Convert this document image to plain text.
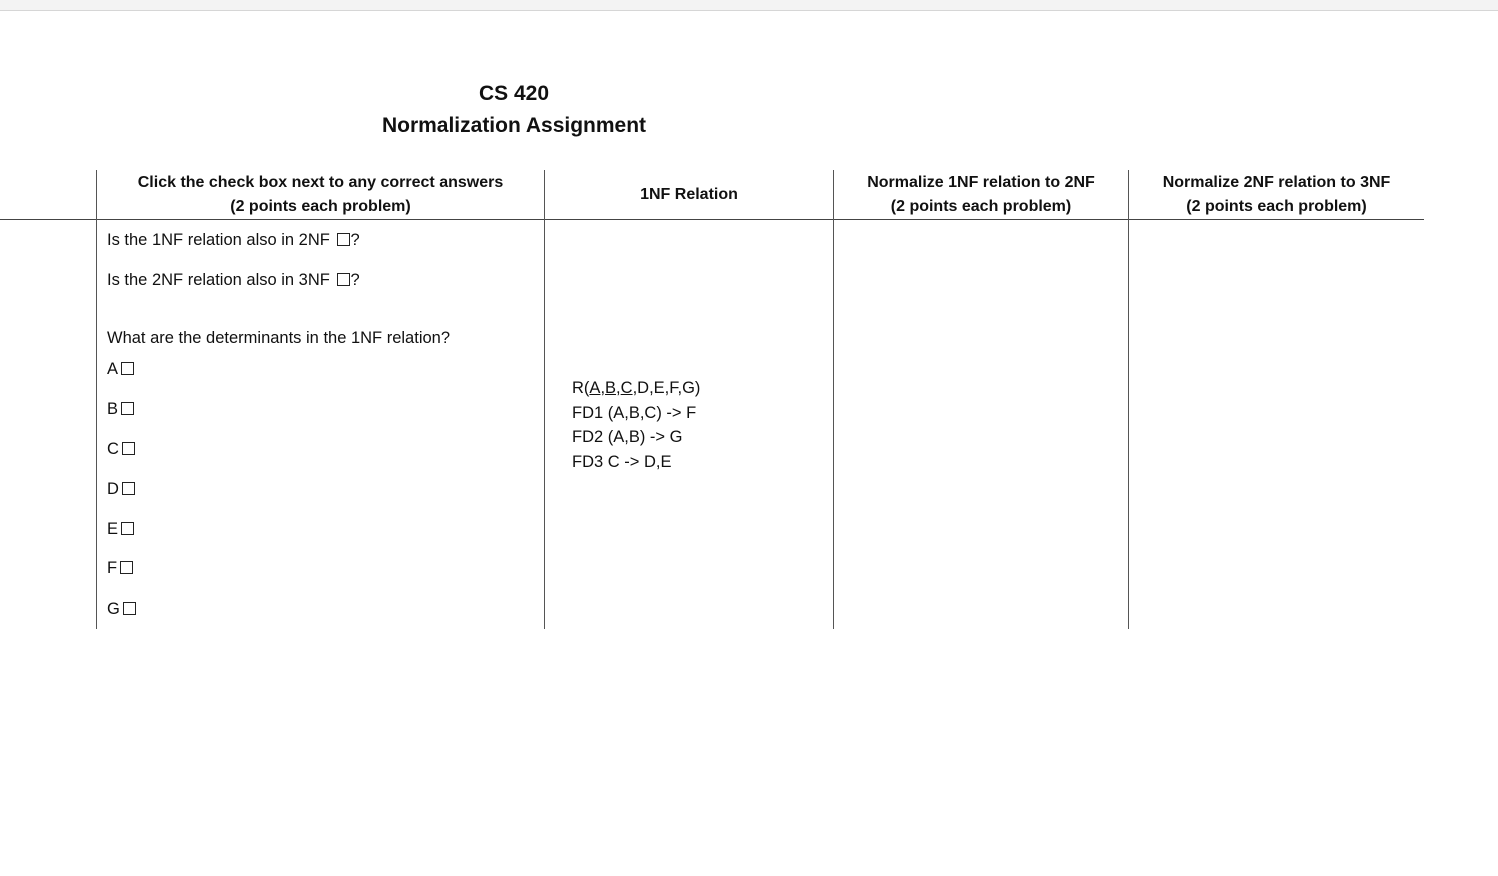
CS 420
Normalization Assignment
Click the check box next to any correct answers
(2 points each problem)
1NF Relation
Normalize 1NF relation to 2NF
(2 points each problem)
Normalize 2NF relation to 3NF
(2 points each problem)
Is the 1NF relation also in 2NF ?
Is the 2NF relation also in 3NF ?
What are the determinants in the 1NF relation?
A
B
C
D
E
F
G
R(A,B,C,D,E,F,G)
FD1 (A,B,C) -> F
FD2 (A,B) -> G
FD3 C -> D,E
